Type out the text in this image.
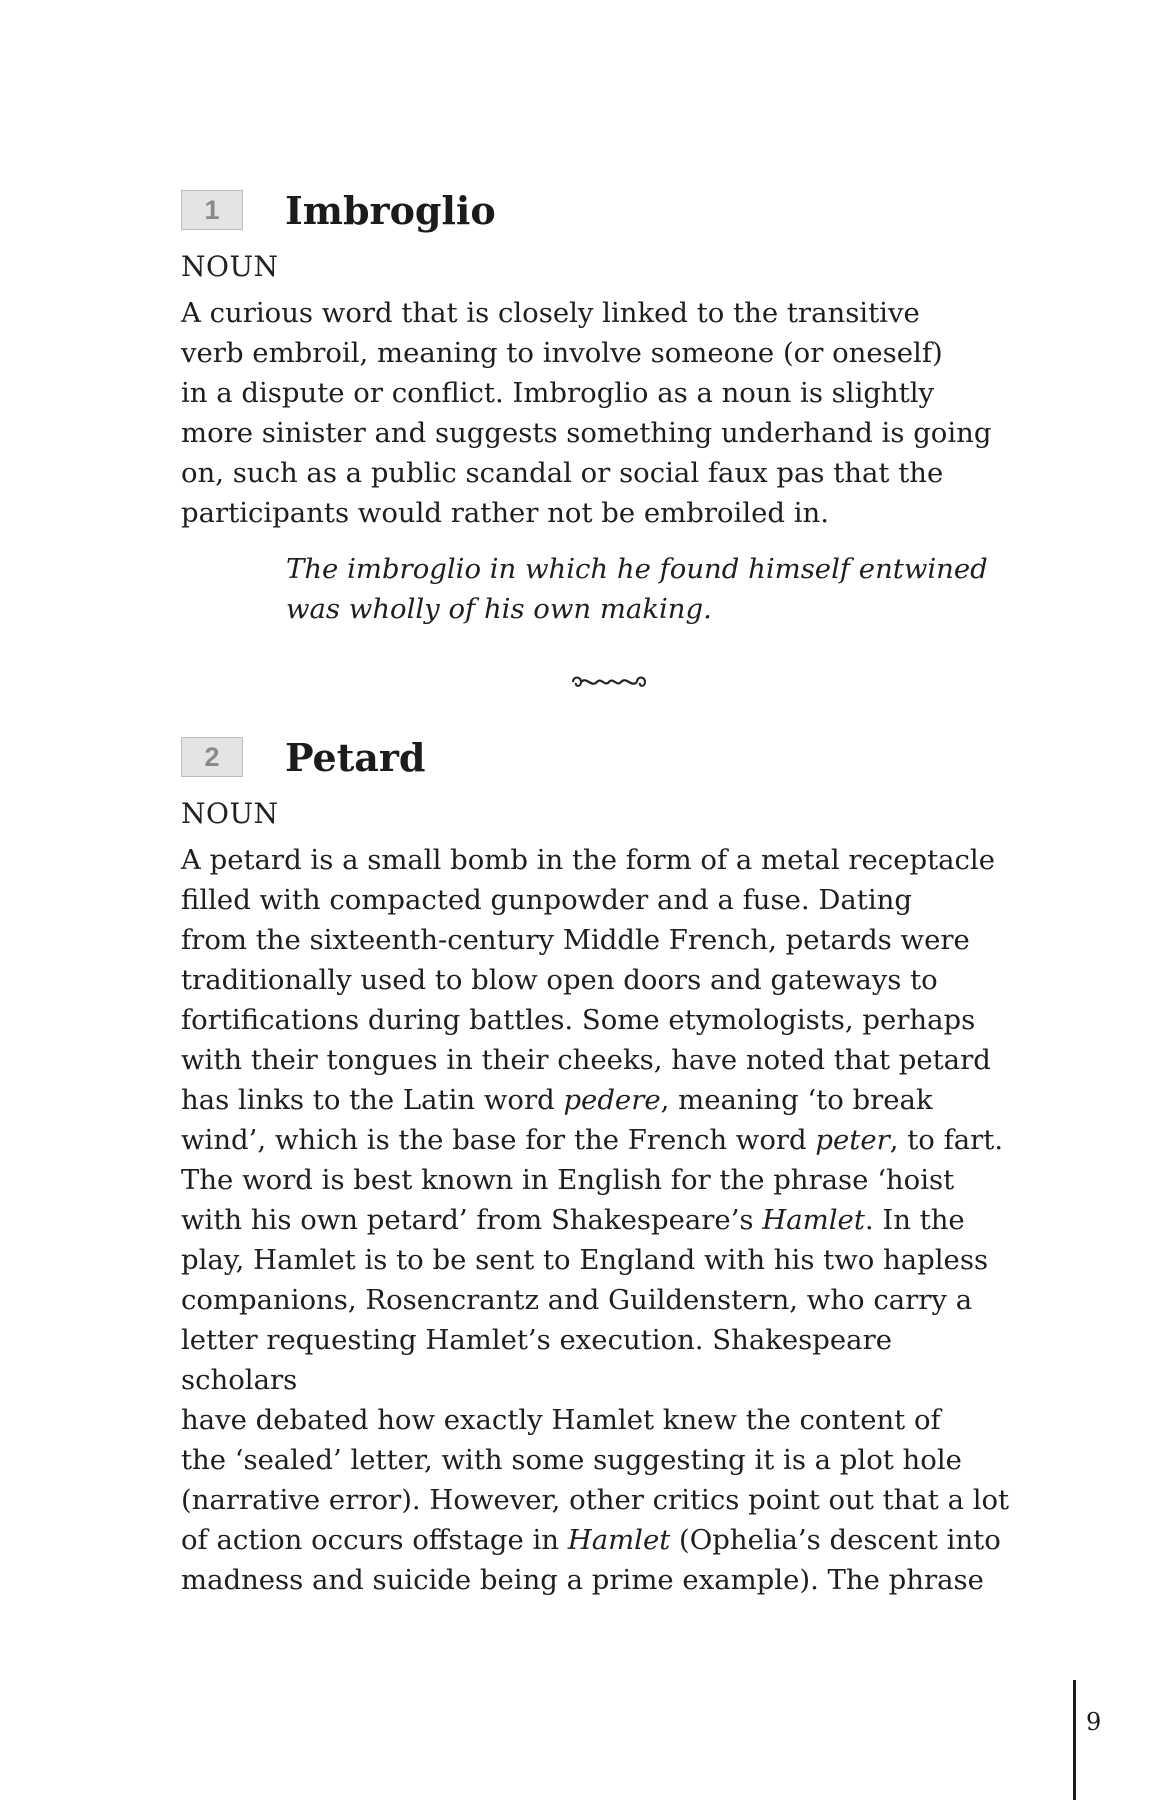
1	Imbroglio
NOUN
A curious word that is closely linked to the transitive
verb embroil, meaning to involve someone (or oneself)
in a dispute or conflict. Imbroglio as a noun is slightly
more sinister and suggests something underhand is going
on, such as a public scandal or social faux pas that the
participants would rather not be embroiled in.
The imbroglio in which he found himself entwined
was wholly of his own making.
2	Petard
NOUN
A petard is a small bomb in the form of a metal receptacle
filled with compacted gunpowder and a fuse. Dating
from the sixteenth-century Middle French, petards were
traditionally used to blow open doors and gateways to
fortifications during battles. Some etymologists, perhaps
with their tongues in their cheeks, have noted that petard
has links to the Latin word pedere, meaning ‘to break
wind’, which is the base for the French word peter, to fart.
The word is best known in English for the phrase ‘hoist
with his own petard’ from Shakespeare’s Hamlet. In the
play, Hamlet is to be sent to England with his two hapless
companions, Rosencrantz and Guildenstern, who carry a
letter requesting Hamlet’s execution. Shakespeare scholars
have debated how exactly Hamlet knew the content of
the ‘sealed’ letter, with some suggesting it is a plot hole
(narrative error). However, other critics point out that a lot
of action occurs offstage in Hamlet (Ophelia’s descent into
madness and suicide being a prime example). The phrase
9
